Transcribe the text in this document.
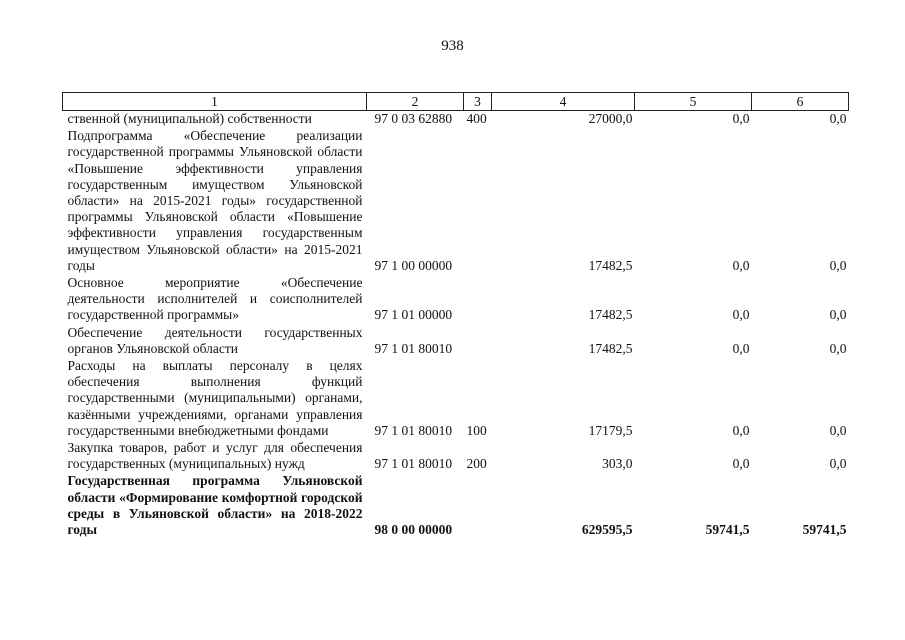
938
1	2	3	4	5	6
ственной (муниципальной) собственности	97 0 03 62880	400	27000,0	0,0	0,0
Подпрограмма «Обеспечение реализации государственной программы Ульяновской области «Повышение эффективности управления государственным имуществом Ульяновской области» на 2015-2021 годы» государственной программы Ульяновской области «Повышение эффективности управления государственным имуществом Ульяновской области» на 2015-2021 годы	97 1 00 00000		17482,5	0,0	0,0
Основное мероприятие «Обеспечение деятельности исполнителей и соисполнителей государственной программы»	97 1 01 00000		17482,5	0,0	0,0
Обеспечение деятельности государственных органов Ульяновской области	97 1 01 80010		17482,5	0,0	0,0
Расходы на выплаты персоналу в целях обеспечения выполнения функций государственными (муниципальными) органами, казёнными учреждениями, органами управления государственными внебюджетными фондами	97 1 01 80010	100	17179,5	0,0	0,0
Закупка товаров, работ и услуг для обеспечения государственных (муниципальных) нужд	97 1 01 80010	200	303,0	0,0	0,0
Государственная программа Ульяновской области «Формирование комфортной городской среды в Ульяновской области» на 2018-2022 годы	98 0 00 00000		629595,5	59741,5	59741,5
